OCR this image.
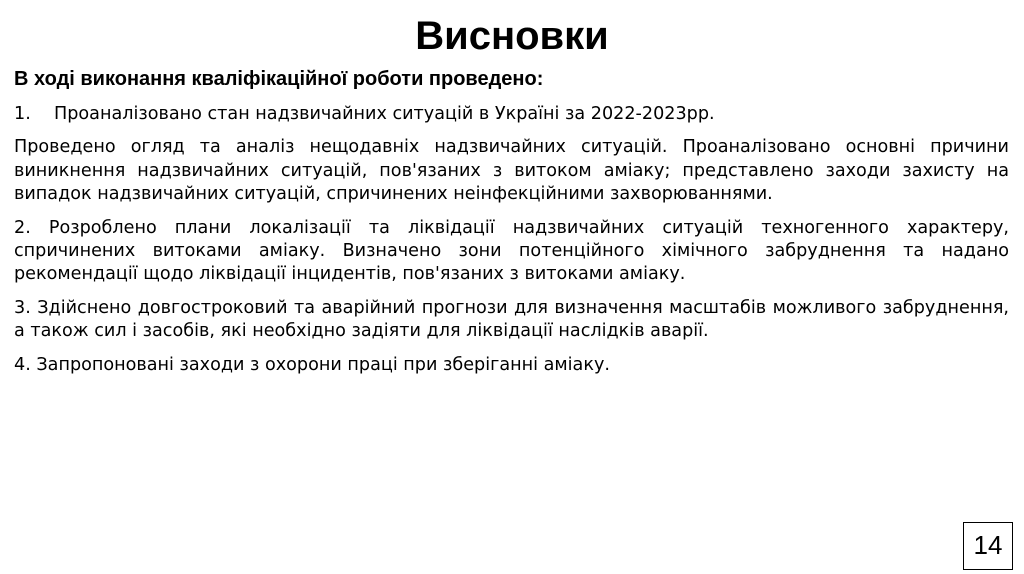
Висновки

В ході виконання кваліфікаційної роботи проведено:

1.	Проаналізовано стан надзвичайних ситуацій в Україні за 2022-2023рр.

Проведено огляд та аналіз нещодавніх надзвичайних ситуацій. Проаналізовано основні причини виникнення надзвичайних ситуацій, пов'язаних з витоком аміаку; представлено заходи захисту на випадок надзвичайних ситуацій, спричинених неінфекційними захворюваннями.

2. Розроблено плани локалізації та ліквідації надзвичайних ситуацій техногенного характеру, спричинених витоками аміаку. Визначено зони потенційного хімічного забруднення та надано рекомендації щодо ліквідації інцидентів, пов'язаних з витоками аміаку.

3. Здійснено довгостроковий та аварійний прогнози для визначення масштабів можливого забруднення, а також сил і засобів, які необхідно задіяти для ліквідації наслідків аварії.

4. Запропоновані заходи з охорони праці при зберіганні аміаку.

14
